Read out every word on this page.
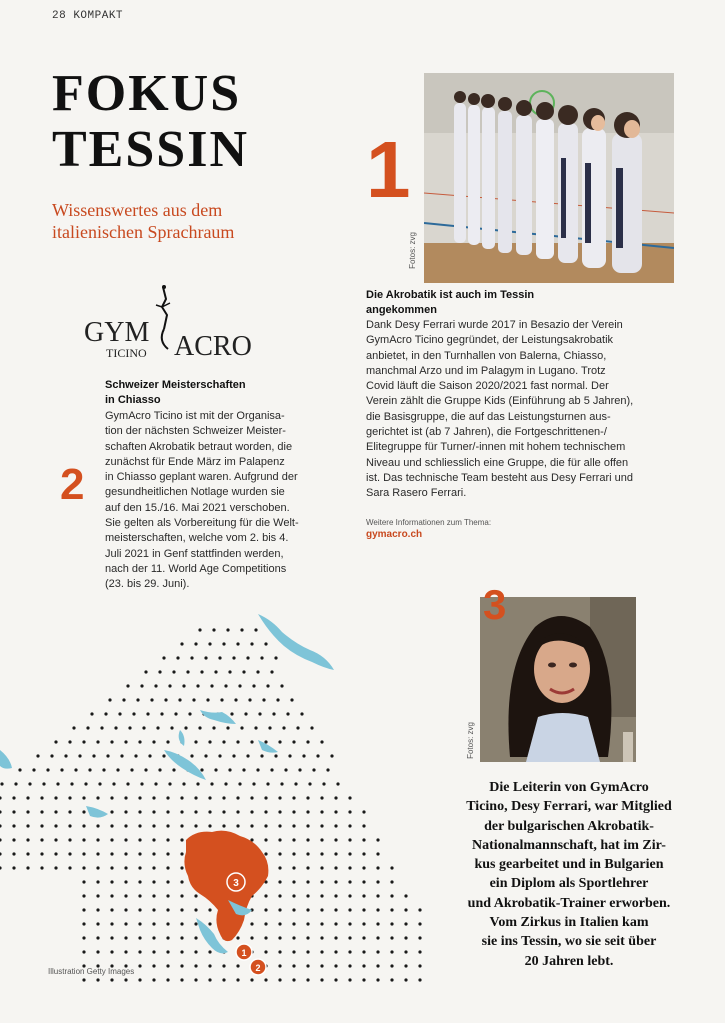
28 KOMPAKT
FOKUS
TESSIN
Wissenswertes aus dem
italienischen Sprachraum
1
Fotos: zvg
Die Akrobatik ist auch im Tessin
angekommen
Dank Desy Ferrari wurde 2017 in Besazio der Verein
GymAcro Ticino gegründet, der Leistungsakrobatik
anbietet, in den Turnhallen von Balerna, Chiasso,
manchmal Arzo und im Palagym in Lugano. Trotz
Covid läuft die Saison 2020/2021 fast normal. Der
Verein zählt die Gruppe Kids (Einführung ab 5 Jahren),
die Basisgruppe, die auf das Leistungsturnen aus-
gerichtet ist (ab 7 Jahren), die Fortgeschrittenen-/
Elitegruppe für Turner/-innen mit hohem technischem
Niveau und schliesslich eine Gruppe, die für alle offen
ist. Das technische Team besteht aus Desy Ferrari und
Sara Rasero Ferrari.
Weitere Informationen zum Thema:
gymacro.ch
GYM ACRO
TICINO
2
Schweizer Meisterschaften
in Chiasso
GymAcro Ticino ist mit der Organisa-
tion der nächsten Schweizer Meister-
schaften Akrobatik betraut worden, die
zunächst für Ende März im Palapenz
in Chiasso geplant waren. Aufgrund der
gesundheitlichen Notlage wurden sie
auf den 15./16. Mai 2021 verschoben.
Sie gelten als Vorbereitung für die Welt-
meisterschaften, welche vom 2. bis 4.
Juli 2021 in Genf stattfinden werden,
nach der 11. World Age Competitions
(23. bis 29. Juni).	3
Fotos: zvg
Die Leiterin von GymAcro
Ticino, Desy Ferrari, war Mitglied
der bulgarischen Akrobatik-
Nationalmannschaft, hat im Zir-
kus gearbeitet und in Bulgarien
ein Diplom als Sportlehrer
und Akrobatik-Trainer erworben.
Vom Zirkus in Italien kam
sie ins Tessin, wo sie seit über
20 Jahren lebt.
3
1
2
Illustration Getty Images
